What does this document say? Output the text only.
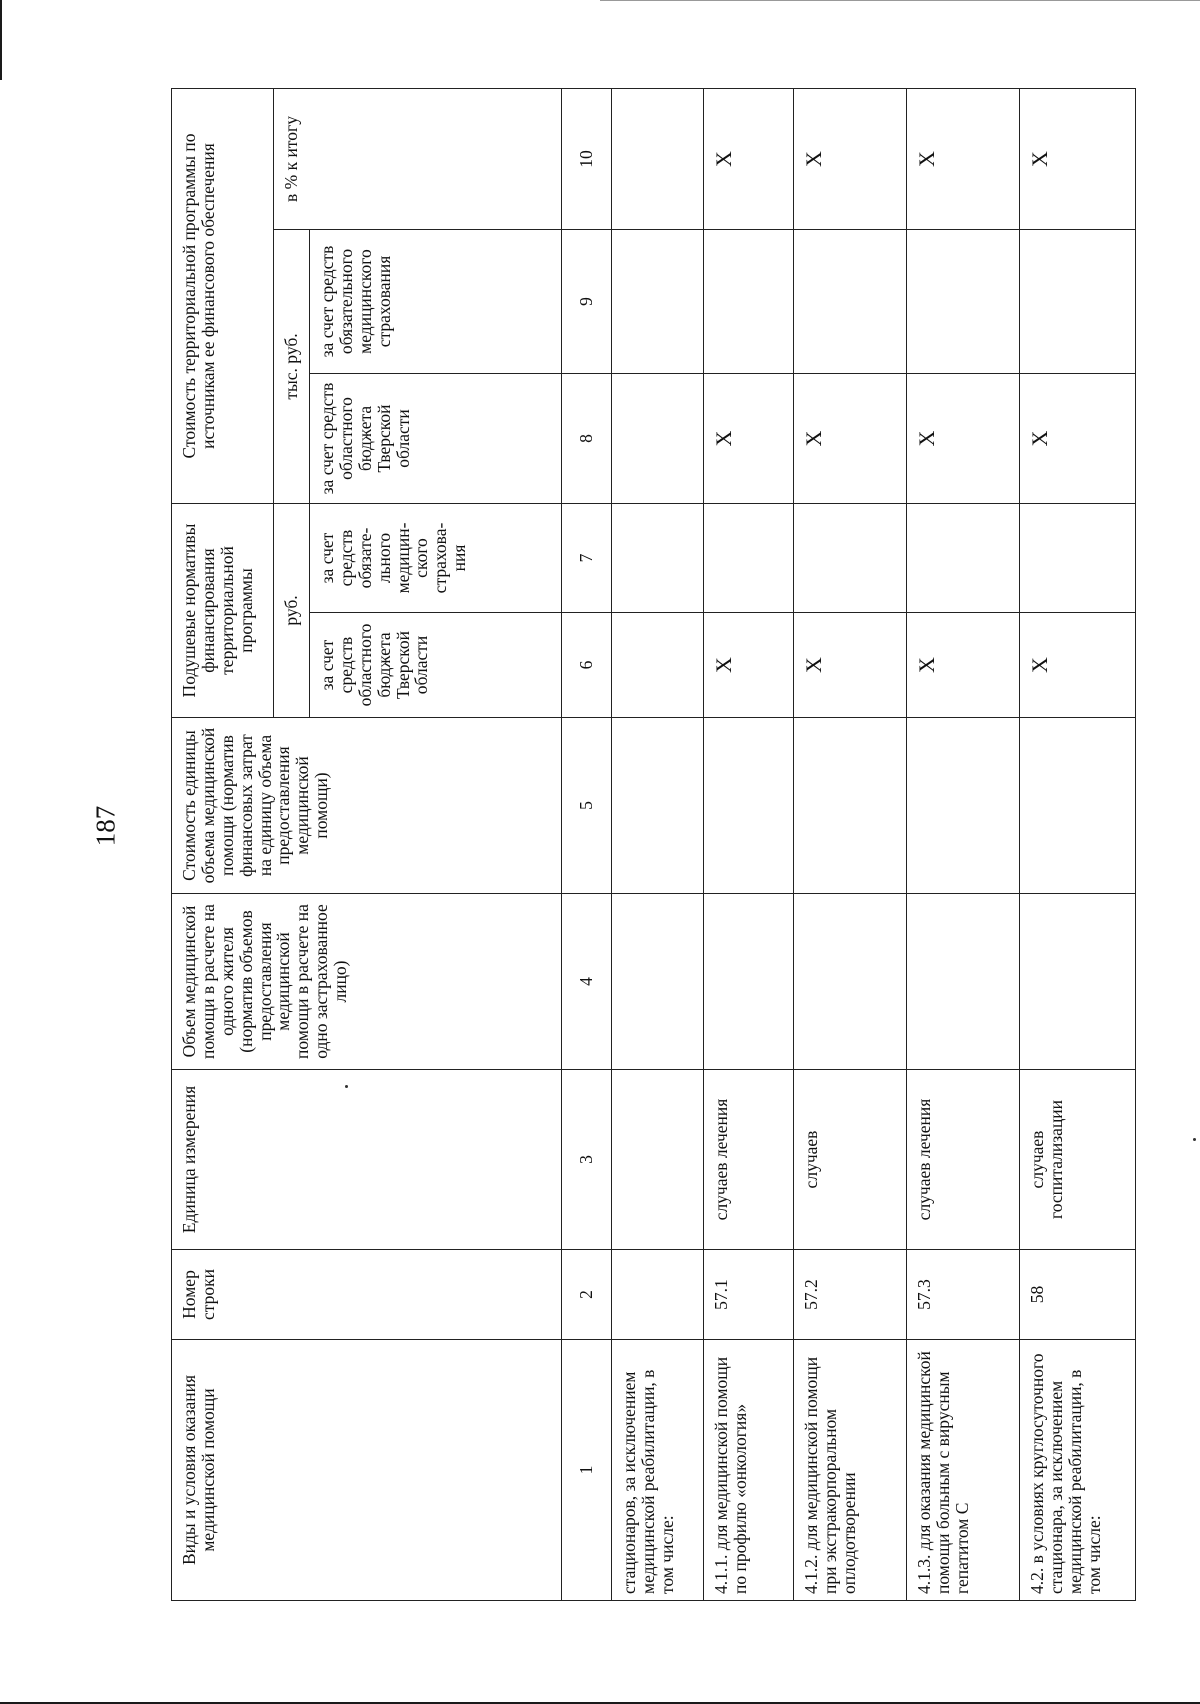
187
Виды и условия оказания медицинской помощи	Номер строки	Единица измерения	Объем медицинской помощи в расчете на одного жителя (норматив объемов предоставления медицинской помощи в расчете на одно застрахованное лицо)	Стоимость единицы объема медицинской помощи (норматив финансовых затрат на единицу объема предоставления медицинской помощи)	Подушевые нормативы финансирования территориальной программы		Стоимость территориальной программы по источникам ее финансового обеспечения		

					руб.		тыс. руб.		в % к итогу

					за счет средств областного бюджета Тверской области	за счет средств обязате-льного медицин-ского страхова-ния	за счет средств областного бюджета Тверской области	за счет средств обязательного медицинского страхования	

1	2	3	4	5	6	7	8	9	10
стационаров, за исключением медицинской реабилитации, в том числе:									
4.1.1. для медицинской помощи по профилю «онкология»	57.1	случаев лечения			X		X		X
4.1.2. для медицинской помощи при экстракорпоральном оплодотворении	57.2	случаев			X		X		X
4.1.3. для оказания медицинской помощи больным с вирусным гепатитом С	57.3	случаев лечения			X		X		X
4.2. в условиях круглосуточного стационара, за исключением медицинской реабилитации, в том числе:	58	случаев госпитализации			X		X		X
